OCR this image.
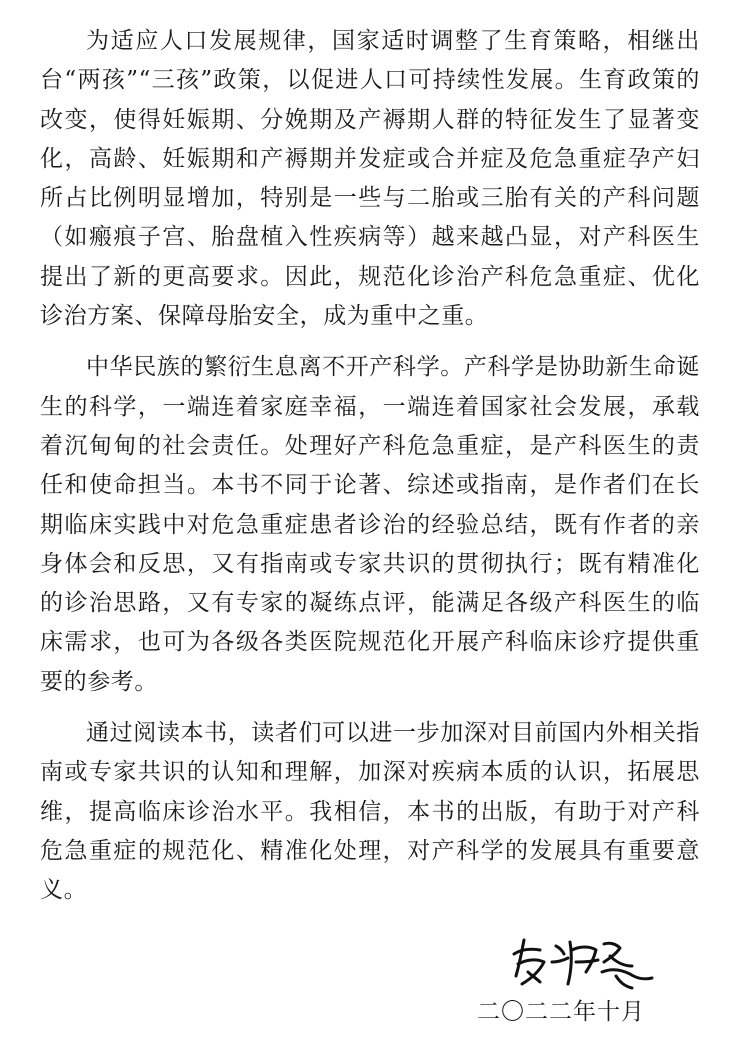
为适应人口发展规律，国家适时调整了生育策略，相继出台“两孩”“三孩”政策，以促进人口可持续性发展。生育政策的改变，使得妊娠期、分娩期及产褥期人群的特征发生了显著变化，高龄、妊娠期和产褥期并发症或合并症及危急重症孕产妇所占比例明显增加，特别是一些与二胎或三胎有关的产科问题（如瘢痕子宫、胎盘植入性疾病等）越来越凸显，对产科医生提出了新的更高要求。因此，规范化诊治产科危急重症、优化诊治方案、保障母胎安全，成为重中之重。

中华民族的繁衍生息离不开产科学。产科学是协助新生命诞生的科学，一端连着家庭幸福，一端连着国家社会发展，承载着沉甸甸的社会责任。处理好产科危急重症，是产科医生的责任和使命担当。本书不同于论著、综述或指南，是作者们在长期临床实践中对危急重症患者诊治的经验总结，既有作者的亲身体会和反思，又有指南或专家共识的贯彻执行；既有精准化的诊治思路，又有专家的凝练点评，能满足各级产科医生的临床需求，也可为各级各类医院规范化开展产科临床诊疗提供重要的参考。

通过阅读本书，读者们可以进一步加深对目前国内外相关指南或专家共识的认知和理解，加深对疾病本质的认识，拓展思维，提高临床诊治水平。我相信，本书的出版，有助于对产科危急重症的规范化、精准化处理，对产科学的发展具有重要意义。

二〇二二年十月
